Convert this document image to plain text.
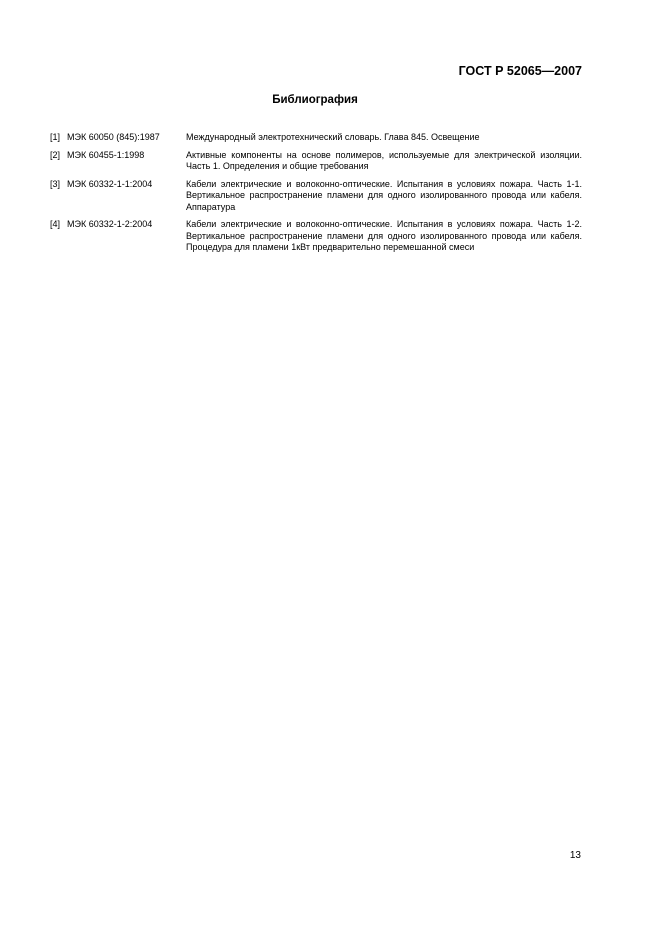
ГОСТ Р 52065—2007
Библиография
[1] МЭК 60050 (845):1987	Международный электротехнический словарь. Глава 845. Освещение
[2] МЭК 60455-1:1998	Активные компоненты на основе полимеров, используемые для электрической изоляции. Часть 1. Определения и общие требования
[3] МЭК 60332-1-1:2004	Кабели электрические и волоконно-оптические. Испытания в условиях пожара. Часть 1-1. Вертикальное распространение пламени для одного изолированного провода или кабеля. Аппаратура
[4] МЭК 60332-1-2:2004	Кабели электрические и волоконно-оптические. Испытания в условиях пожара. Часть 1-2. Вертикальное распространение пламени для одного изолированного провода или кабеля. Процедура для пламени 1кВт предварительно перемешанной смеси
13
